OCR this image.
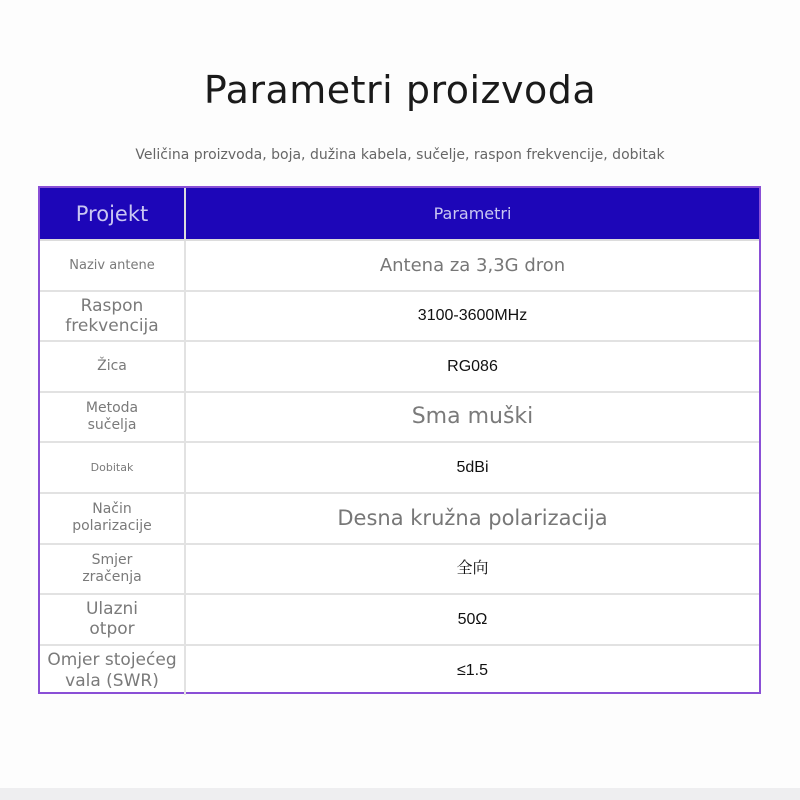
Parametri proizvoda
Veličina proizvoda, boja, dužina kabela, sučelje, raspon frekvencije, dobitak
Projekt	Parametri
Naziv antene	Antena za 3,3G dron
Raspon frekvencija	3100-3600MHz
Žica	RG086
Metoda sučelja	Sma muški
Dobitak	5dBi
Način polarizacije	Desna kružna polarizacija
Smjer zračenja	全向
Ulazni otpor	50Ω
Omjer stojećeg vala (SWR)	≤1.5
